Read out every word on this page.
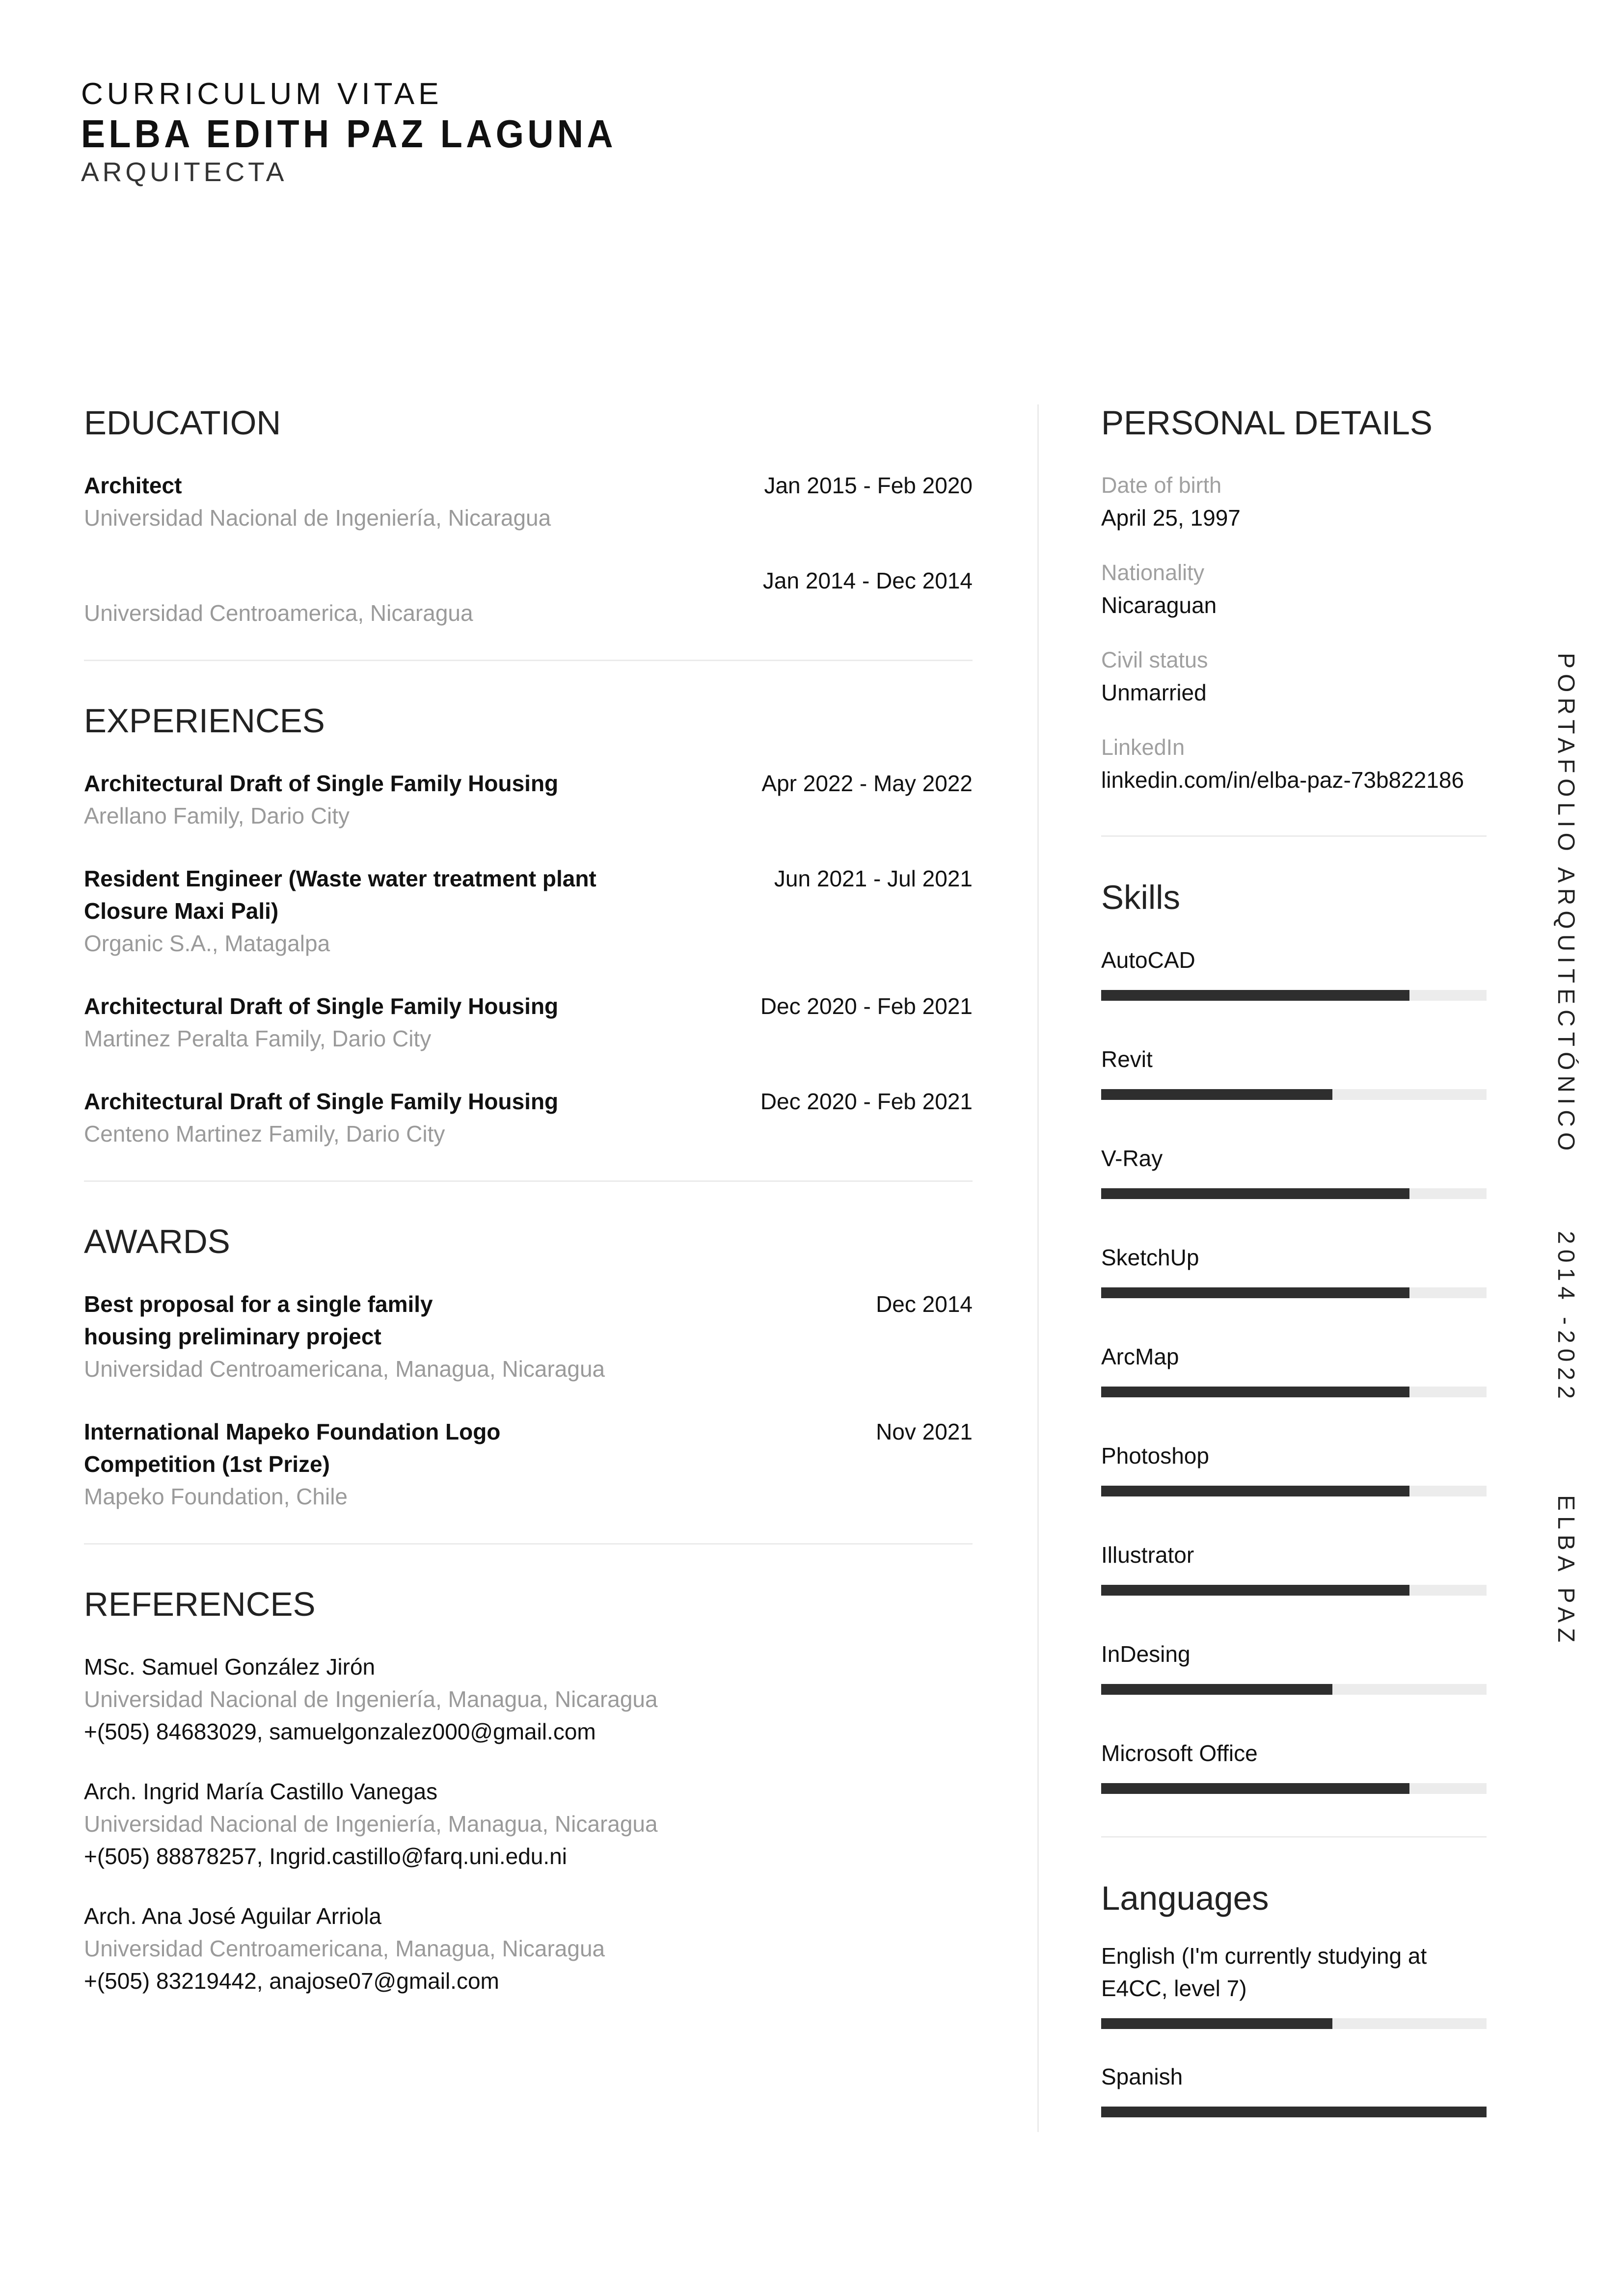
CURRICULUM VITAE
ELBA EDITH PAZ LAGUNA
ARQUITECTA
EDUCATION
Architect
Universidad Nacional de Ingeniería, Nicaragua
Jan 2015 - Feb 2020
Universidad Centroamerica, Nicaragua
Jan 2014 - Dec 2014
EXPERIENCES
Architectural Draft of Single Family Housing
Arellano Family, Dario City
Apr 2022 - May 2022
Resident Engineer (Waste water treatment plant Closure Maxi Pali)
Organic S.A., Matagalpa
Jun 2021 - Jul 2021
Architectural Draft of Single Family Housing
Martinez Peralta Family, Dario City
Dec 2020 - Feb 2021
Architectural Draft of Single Family Housing
Centeno Martinez Family, Dario City
Dec 2020 - Feb 2021
AWARDS
Best proposal for a single family housing preliminary project
Universidad Centroamericana, Managua, Nicaragua
Dec 2014
International Mapeko Foundation Logo Competition (1st Prize)
Mapeko Foundation, Chile
Nov 2021
REFERENCES
MSc. Samuel González Jirón
Universidad Nacional de Ingeniería, Managua, Nicaragua
+(505) 84683029, samuelgonzalez000@gmail.com
Arch. Ingrid María Castillo Vanegas
Universidad Nacional de Ingeniería, Managua, Nicaragua
+(505) 88878257, Ingrid.castillo@farq.uni.edu.ni
Arch. Ana José Aguilar Arriola
Universidad Centroamericana, Managua, Nicaragua
+(505) 83219442, anajose07@gmail.com
PERSONAL DETAILS
Date of birth
April 25, 1997
Nationality
Nicaraguan
Civil status
Unmarried
LinkedIn
linkedin.com/in/elba-paz-73b822186
Skills
AutoCAD
Revit
V-Ray
SketchUp
ArcMap
Photoshop
Illustrator
InDesing
Microsoft Office
Languages
English (I'm currently studying at E4CC, level 7)
Spanish
PORTAFOLIO ARQUITECTÓNICO
2014 -2022
ELBA PAZ
